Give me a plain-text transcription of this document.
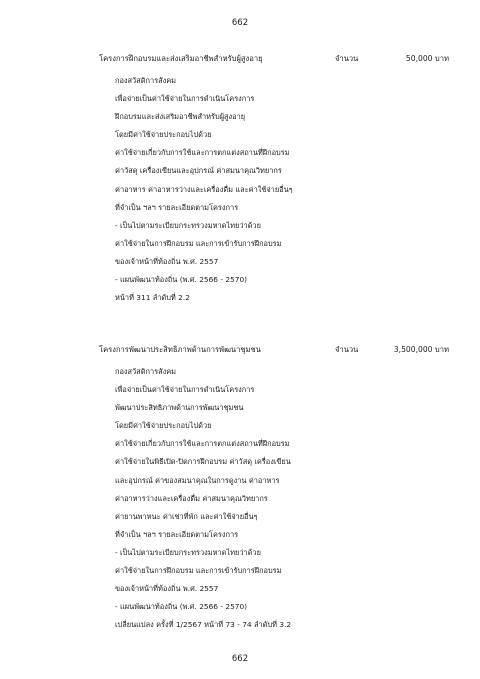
662
โครงการฝึกอบรมและส่งเสริมอาชีพสำหรับผู้สูงอายุ	จำนวน	50,000 บาท
กองสวัสดิการสังคม
เพื่อจ่ายเป็นค่าใช้จ่ายในการดำเนินโครงการ
ฝึกอบรมและส่งเสริมอาชีพสำหรับผู้สูงอายุ
โดยมีค่าใช้จ่ายประกอบไปด้วย
ค่าใช้จ่ายเกี่ยวกับการใช้และการตกแต่งสถานที่ฝึกอบรม
ค่าวัสดุ เครื่องเขียนและอุปกรณ์ ค่าสมนาคุณวิทยากร
ค่าอาหาร ค่าอาหารว่างและเครื่องดื่ม และค่าใช้จ่ายอื่นๆ
ที่จำเป็น ฯลฯ รายละเอียดตามโครงการ
- เป็นไปตามระเบียบกระทรวงมหาดไทยว่าด้วย
ค่าใช้จ่ายในการฝึกอบรม และการเข้ารับการฝึกอบรม
ของเจ้าหน้าที่ท้องถิ่น พ.ศ. 2557
- แผนพัฒนาท้องถิ่น (พ.ศ. 2566 - 2570)
หน้าที่ 311 ลำดับที่ 2.2
โครงการพัฒนาประสิทธิภาพด้านการพัฒนาชุมชน	จำนวน	3,500,000 บาท
กองสวัสดิการสังคม
เพื่อจ่ายเป็นค่าใช้จ่ายในการดำเนินโครงการ
พัฒนาประสิทธิภาพด้านการพัฒนาชุมชน
โดยมีค่าใช้จ่ายประกอบไปด้วย
ค่าใช้จ่ายเกี่ยวกับการใช้และการตกแต่งสถานที่ฝึกอบรม
ค่าใช้จ่ายในพิธีเปิด-ปิดการฝึกอบรม ค่าวัสดุ เครื่องเขียน
และอุปกรณ์ ค่าของสมนาคุณในการดูงาน ค่าอาหาร
ค่าอาหารว่างและเครื่องดื่ม ค่าสมนาคุณวิทยากร
ค่ายานพาหนะ ค่าเช่าที่พัก และค่าใช้จ่ายอื่นๆ
ที่จำเป็น ฯลฯ รายละเอียดตามโครงการ
- เป็นไปตามระเบียบกระทรวงมหาดไทยว่าด้วย
ค่าใช้จ่ายในการฝึกอบรม และการเข้ารับการฝึกอบรม
ของเจ้าหน้าที่ท้องถิ่น พ.ศ. 2557
- แผนพัฒนาท้องถิ่น (พ.ศ. 2566 - 2570)
เปลี่ยนแปลง ครั้งที่ 1/2567 หน้าที่ 73 - 74 ลำดับที่ 3.2
662
